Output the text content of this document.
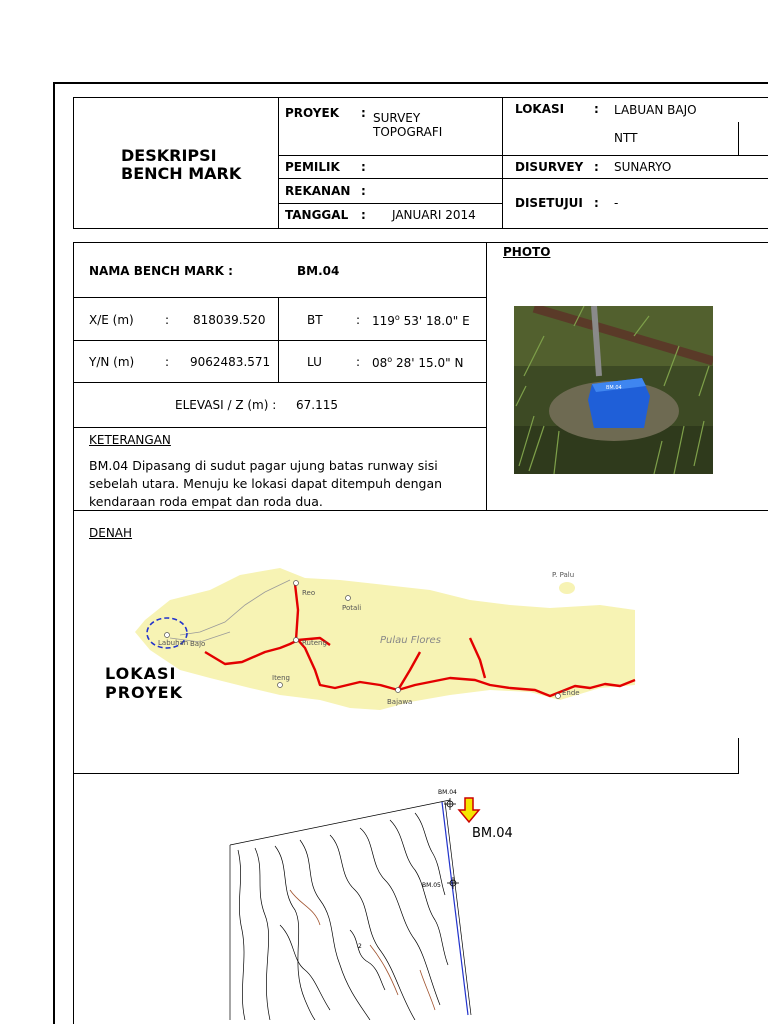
DESKRIPSI
BENCH MARK
PROYEK : SURVEY
TOPOGRAFI
PEMILIK :
REKANAN :
TANGGAL : JANUARI 2014
LOKASI : LABUAN BAJO
NTT
DISURVEY : SUNARYO
DISETUJUI : -
NAMA BENCH MARK :	BM.04
X/E (m)	: 818039.520	BT	: 119$^o$ 53' 18.0" E
Y/N (m)	: 9062483.571	LU	: 08$^o$ 28' 15.0" N
ELEVASI / Z (m) : 67.115
KETERANGAN
BM.04 Dipasang di sudut pagar ujung batas runway sisi
sebelah utara. Menuju ke lokasi dapat ditempuh dengan
kendaraan roda empat dan roda dua.
PHOTO
BM.04
DENAH
P. Palu
Reo
Potali
Labuhan Bajo	Ruteng	Pulau Flores
Iteng
Bajawa
Ende
LOKASI
PROYEK
BM.04
BM.05
2
BM.04
